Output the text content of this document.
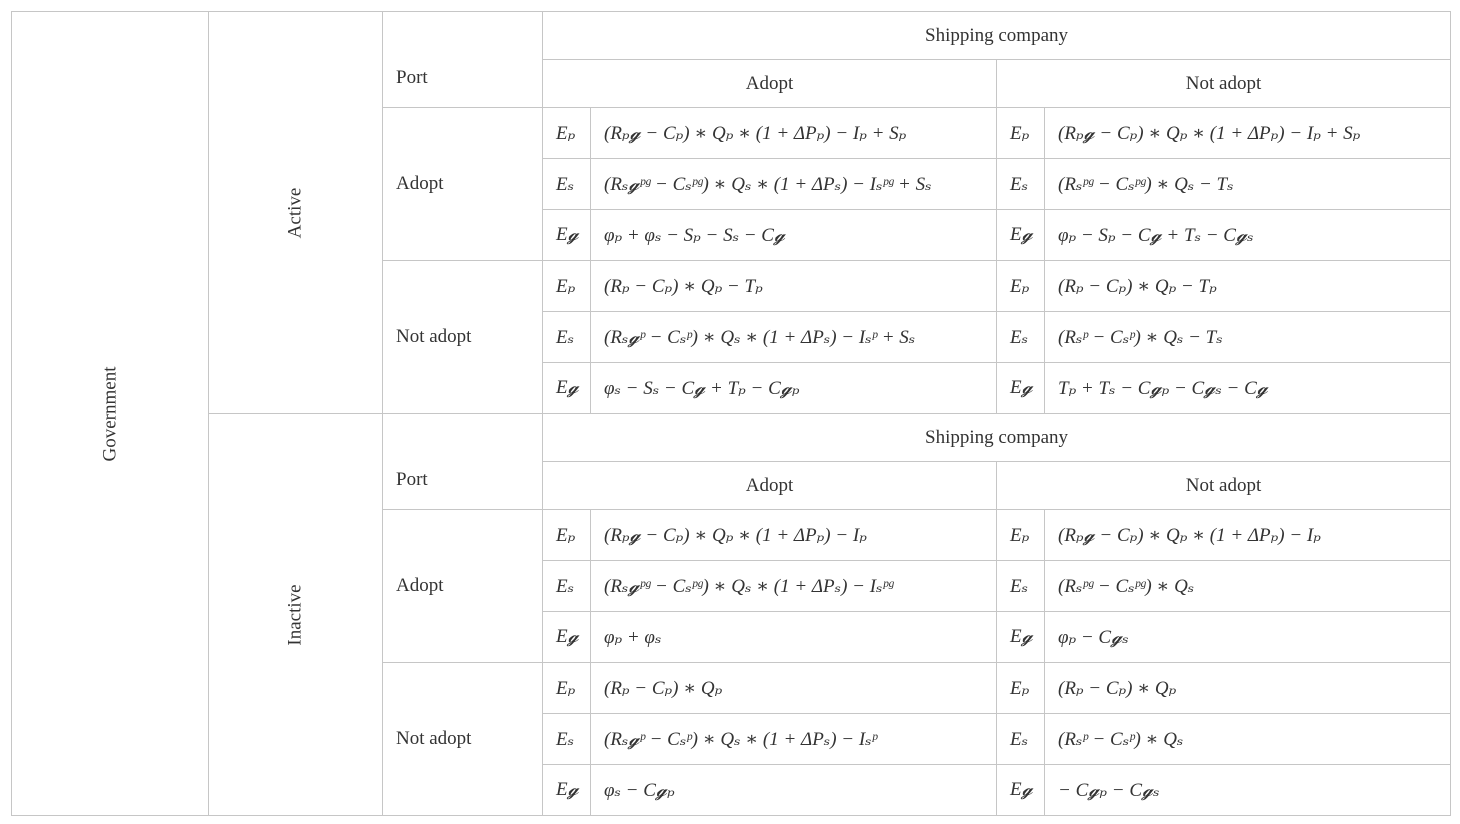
Government	Active	Port	Shipping company			
			Adopt		Not adopt	
		Adopt	Eₚ	(Rₚ𝓰 − Cₚ) ∗ Qₚ ∗ (1 + ΔPₚ) − Iₚ + Sₚ	Eₚ	(Rₚ𝓰 − Cₚ) ∗ Qₚ ∗ (1 + ΔPₚ) − Iₚ + Sₚ
			Eₛ	(Rₛ𝓰ᵖᵍ − Cₛᵖᵍ) ∗ Qₛ ∗ (1 + ΔPₛ) − Iₛᵖᵍ + Sₛ	Eₛ	(Rₛᵖᵍ − Cₛᵖᵍ) ∗ Qₛ − Tₛ
			E𝓰	φₚ + φₛ − Sₚ − Sₛ − C𝓰	E𝓰	φₚ − Sₚ − C𝓰 + Tₛ − C𝓰ₛ
		Not adopt	Eₚ	(Rₚ − Cₚ) ∗ Qₚ − Tₚ	Eₚ	(Rₚ − Cₚ) ∗ Qₚ − Tₚ
			Eₛ	(Rₛ𝓰ᵖ − Cₛᵖ) ∗ Qₛ ∗ (1 + ΔPₛ) − Iₛᵖ + Sₛ	Eₛ	(Rₛᵖ − Cₛᵖ) ∗ Qₛ − Tₛ
			E𝓰	φₛ − Sₛ − C𝓰 + Tₚ − C𝓰ₚ	E𝓰	Tₚ + Tₛ − C𝓰ₚ − C𝓰ₛ − C𝓰
	Inactive	Port	Shipping company			
			Adopt		Not adopt	
		Adopt	Eₚ	(Rₚ𝓰 − Cₚ) ∗ Qₚ ∗ (1 + ΔPₚ) − Iₚ	Eₚ	(Rₚ𝓰 − Cₚ) ∗ Qₚ ∗ (1 + ΔPₚ) − Iₚ
			Eₛ	(Rₛ𝓰ᵖᵍ − Cₛᵖᵍ) ∗ Qₛ ∗ (1 + ΔPₛ) − Iₛᵖᵍ	Eₛ	(Rₛᵖᵍ − Cₛᵖᵍ) ∗ Qₛ
			E𝓰	φₚ + φₛ	E𝓰	φₚ − C𝓰ₛ
		Not adopt	Eₚ	(Rₚ − Cₚ) ∗ Qₚ	Eₚ	(Rₚ − Cₚ) ∗ Qₚ
			Eₛ	(Rₛ𝓰ᵖ − Cₛᵖ) ∗ Qₛ ∗ (1 + ΔPₛ) − Iₛᵖ	Eₛ	(Rₛᵖ − Cₛᵖ) ∗ Qₛ
			E𝓰	φₛ − C𝓰ₚ	E𝓰	− C𝓰ₚ − C𝓰ₛ
